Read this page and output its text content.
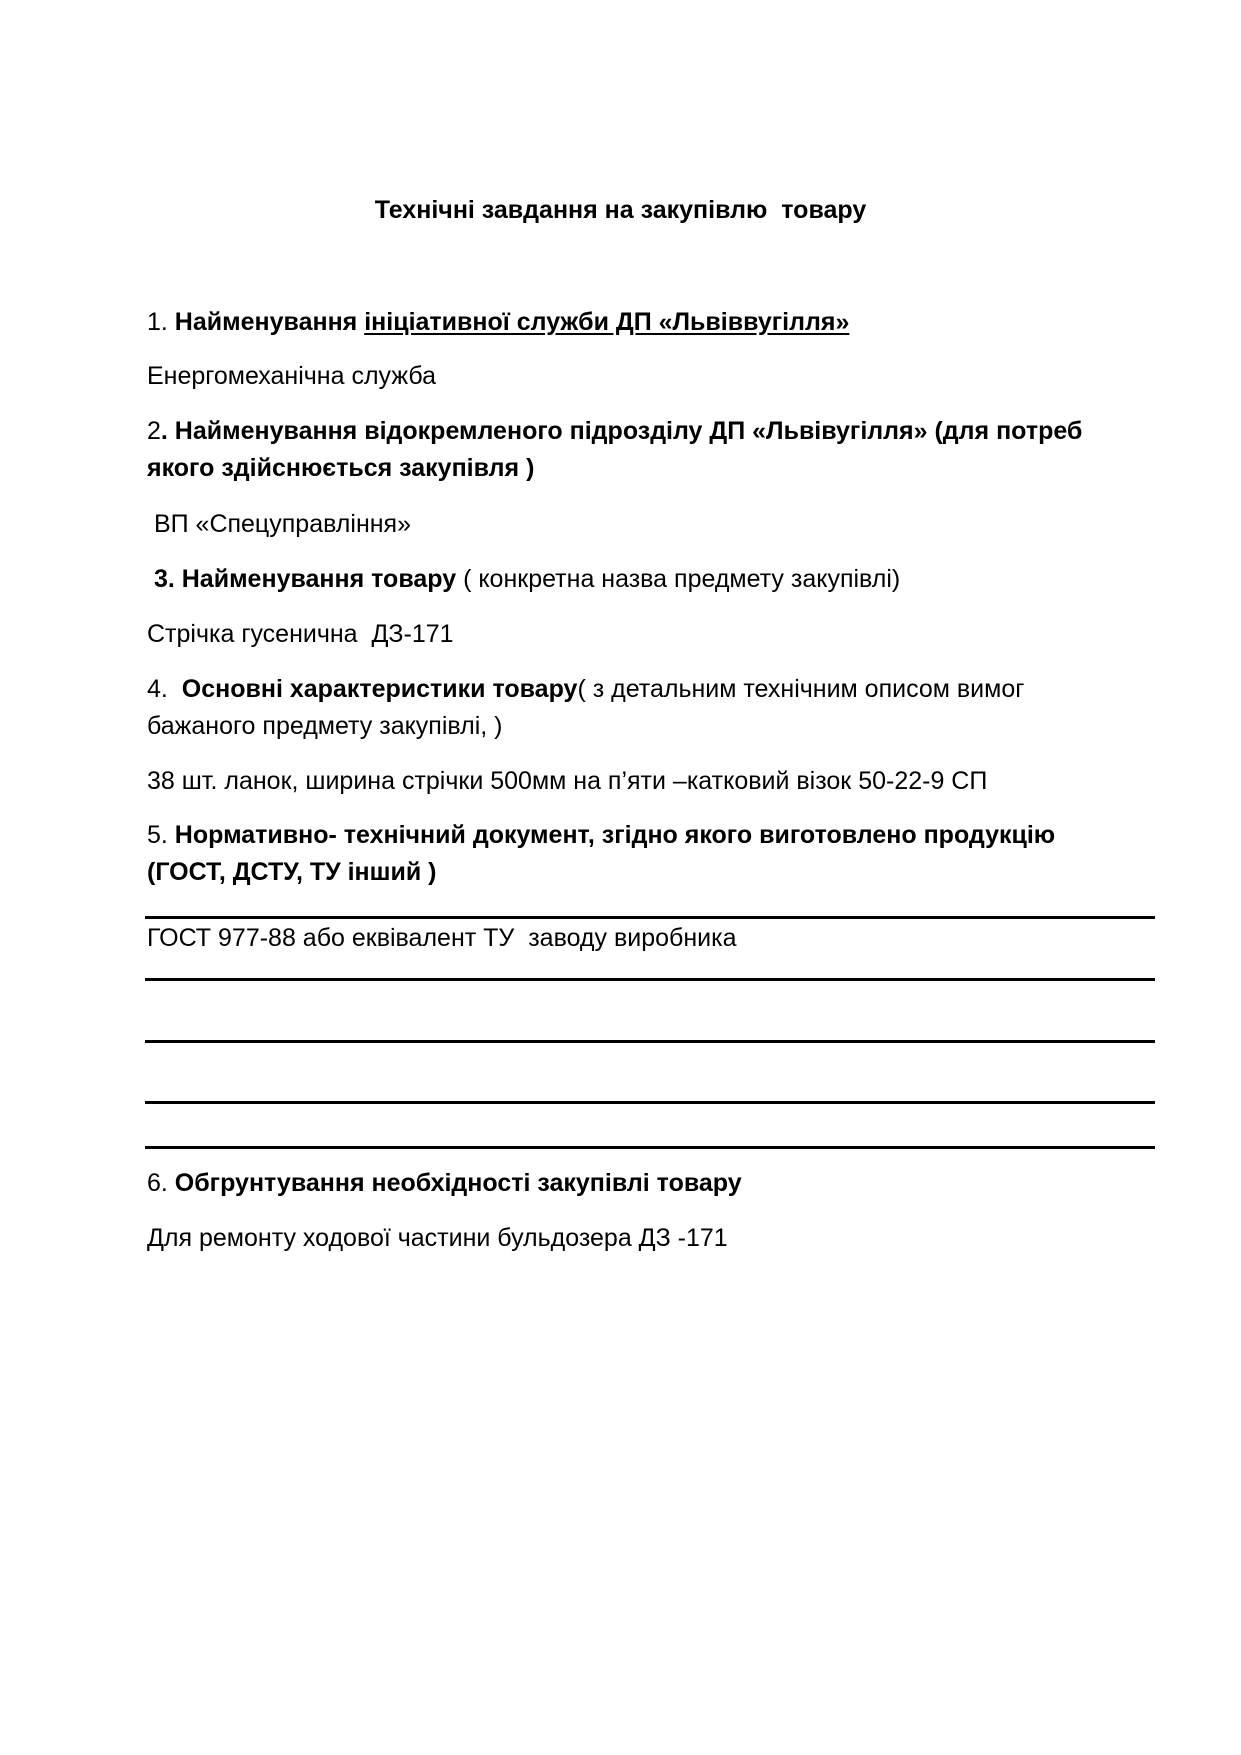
Технічні завдання на закупівлю  товару
1. Найменування ініціативної служби ДП «Львіввугілля»
Енергомеханічна служба
2. Найменування відокремленого підрозділу ДП «Львівугілля» (для потреб
якого здійснюється закупівля )
ВП «Спецуправління»
3. Найменування товару ( конкретна назва предмету закупівлі)
Стрічка гусенична  ДЗ-171
4.  Основні характеристики товару( з детальним технічним описом вимог
бажаного предмету закупівлі, )
38 шт. ланок, ширина стрічки 500мм на п’яти –катковий візок 50-22-9 СП
5. Нормативно- технічний документ, згідно якого виготовлено продукцію
(ГОСТ, ДСТУ, ТУ інший )
ГОСТ 977-88 або еквівалент ТУ  заводу виробника
6. Обгрунтування необхідності закупівлі товару
Для ремонту ходової частини бульдозера ДЗ -171
